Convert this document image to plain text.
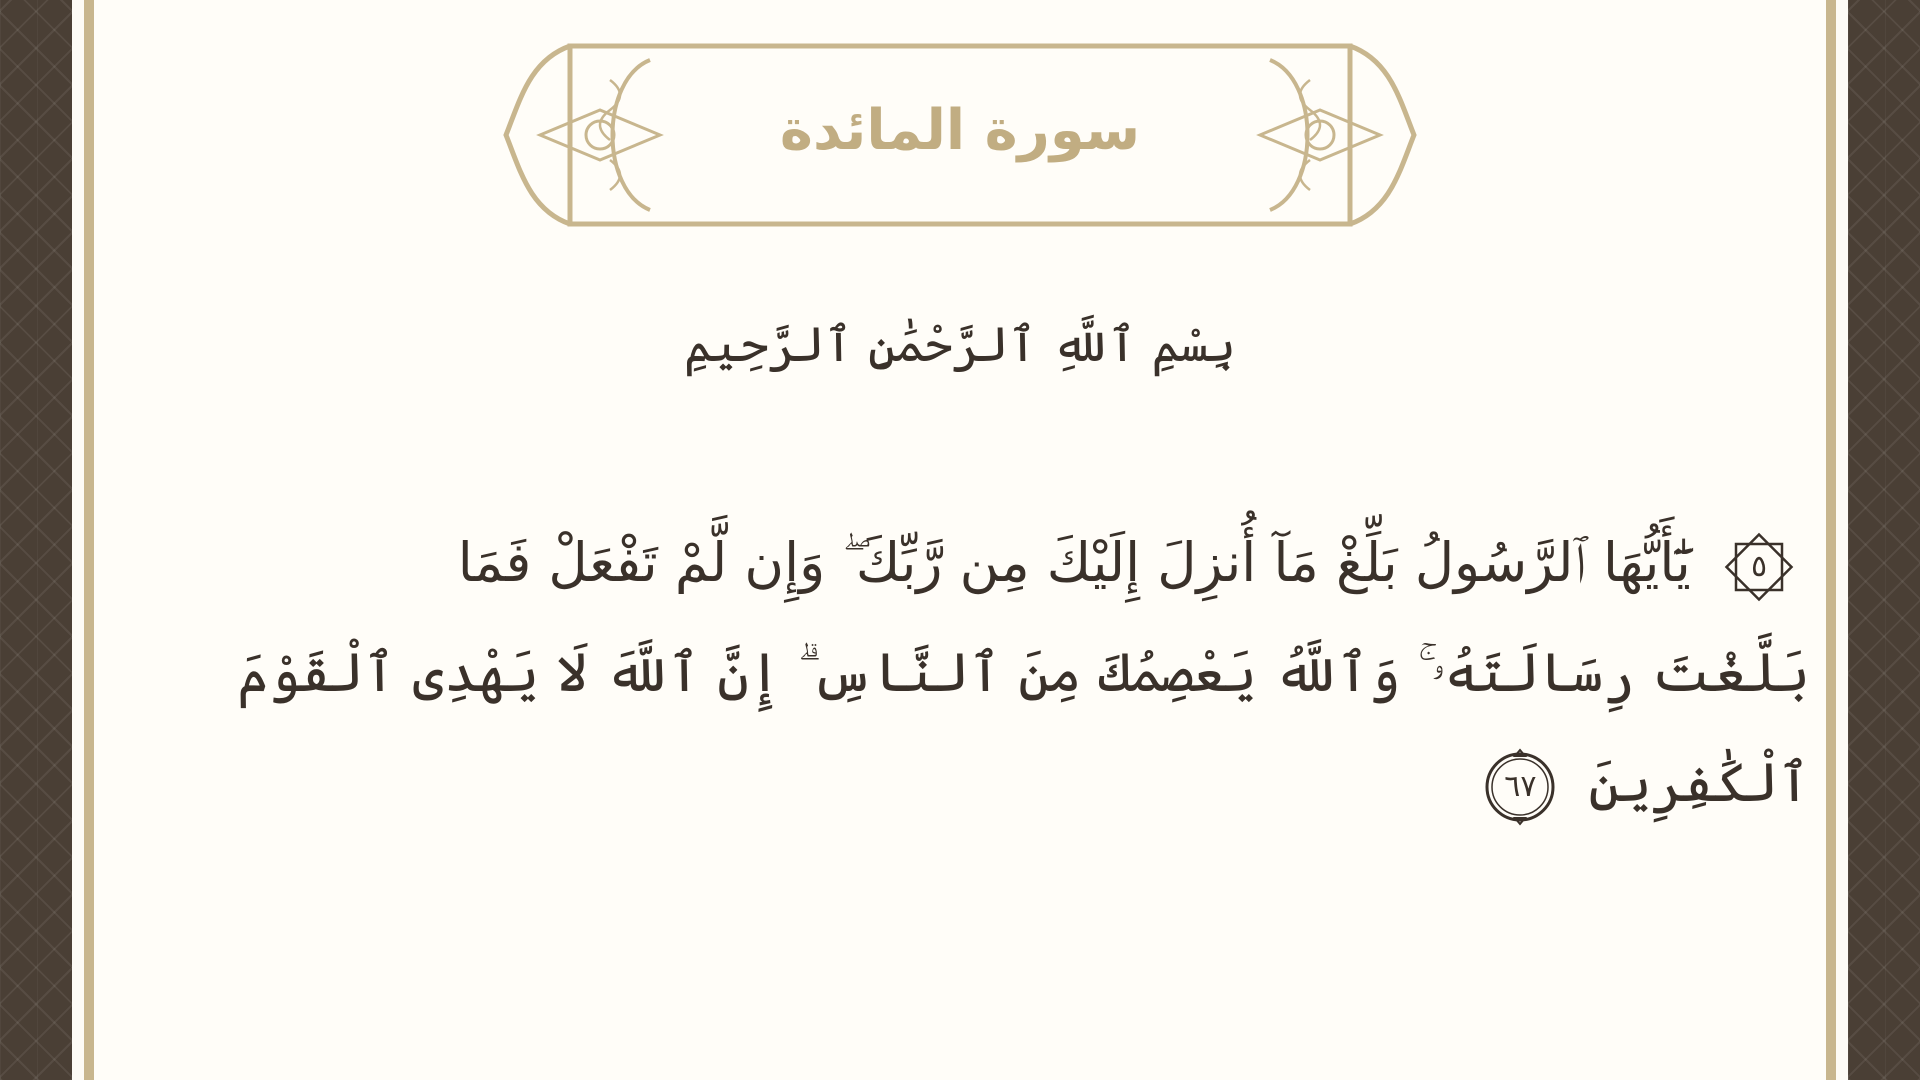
سورة المائدة
بِسْمِ ٱللَّهِ ٱلرَّحْمَٰنِ ٱلرَّحِيمِ
٥
يَٰٓأَيُّهَا ٱلرَّسُولُ بَلِّغْ مَآ أُنزِلَ إِلَيْكَ مِن رَّبِّكَ ۖ وَإِن لَّمْ تَفْعَلْ فَمَا
بَلَّغْتَ رِسَالَتَهُۥ ۚ وَٱللَّهُ يَعْصِمُكَ مِنَ ٱلنَّاسِ ۗ إِنَّ ٱللَّهَ لَا يَهْدِى ٱلْقَوْمَ
ٱلْكَٰفِرِينَ
٦٧
